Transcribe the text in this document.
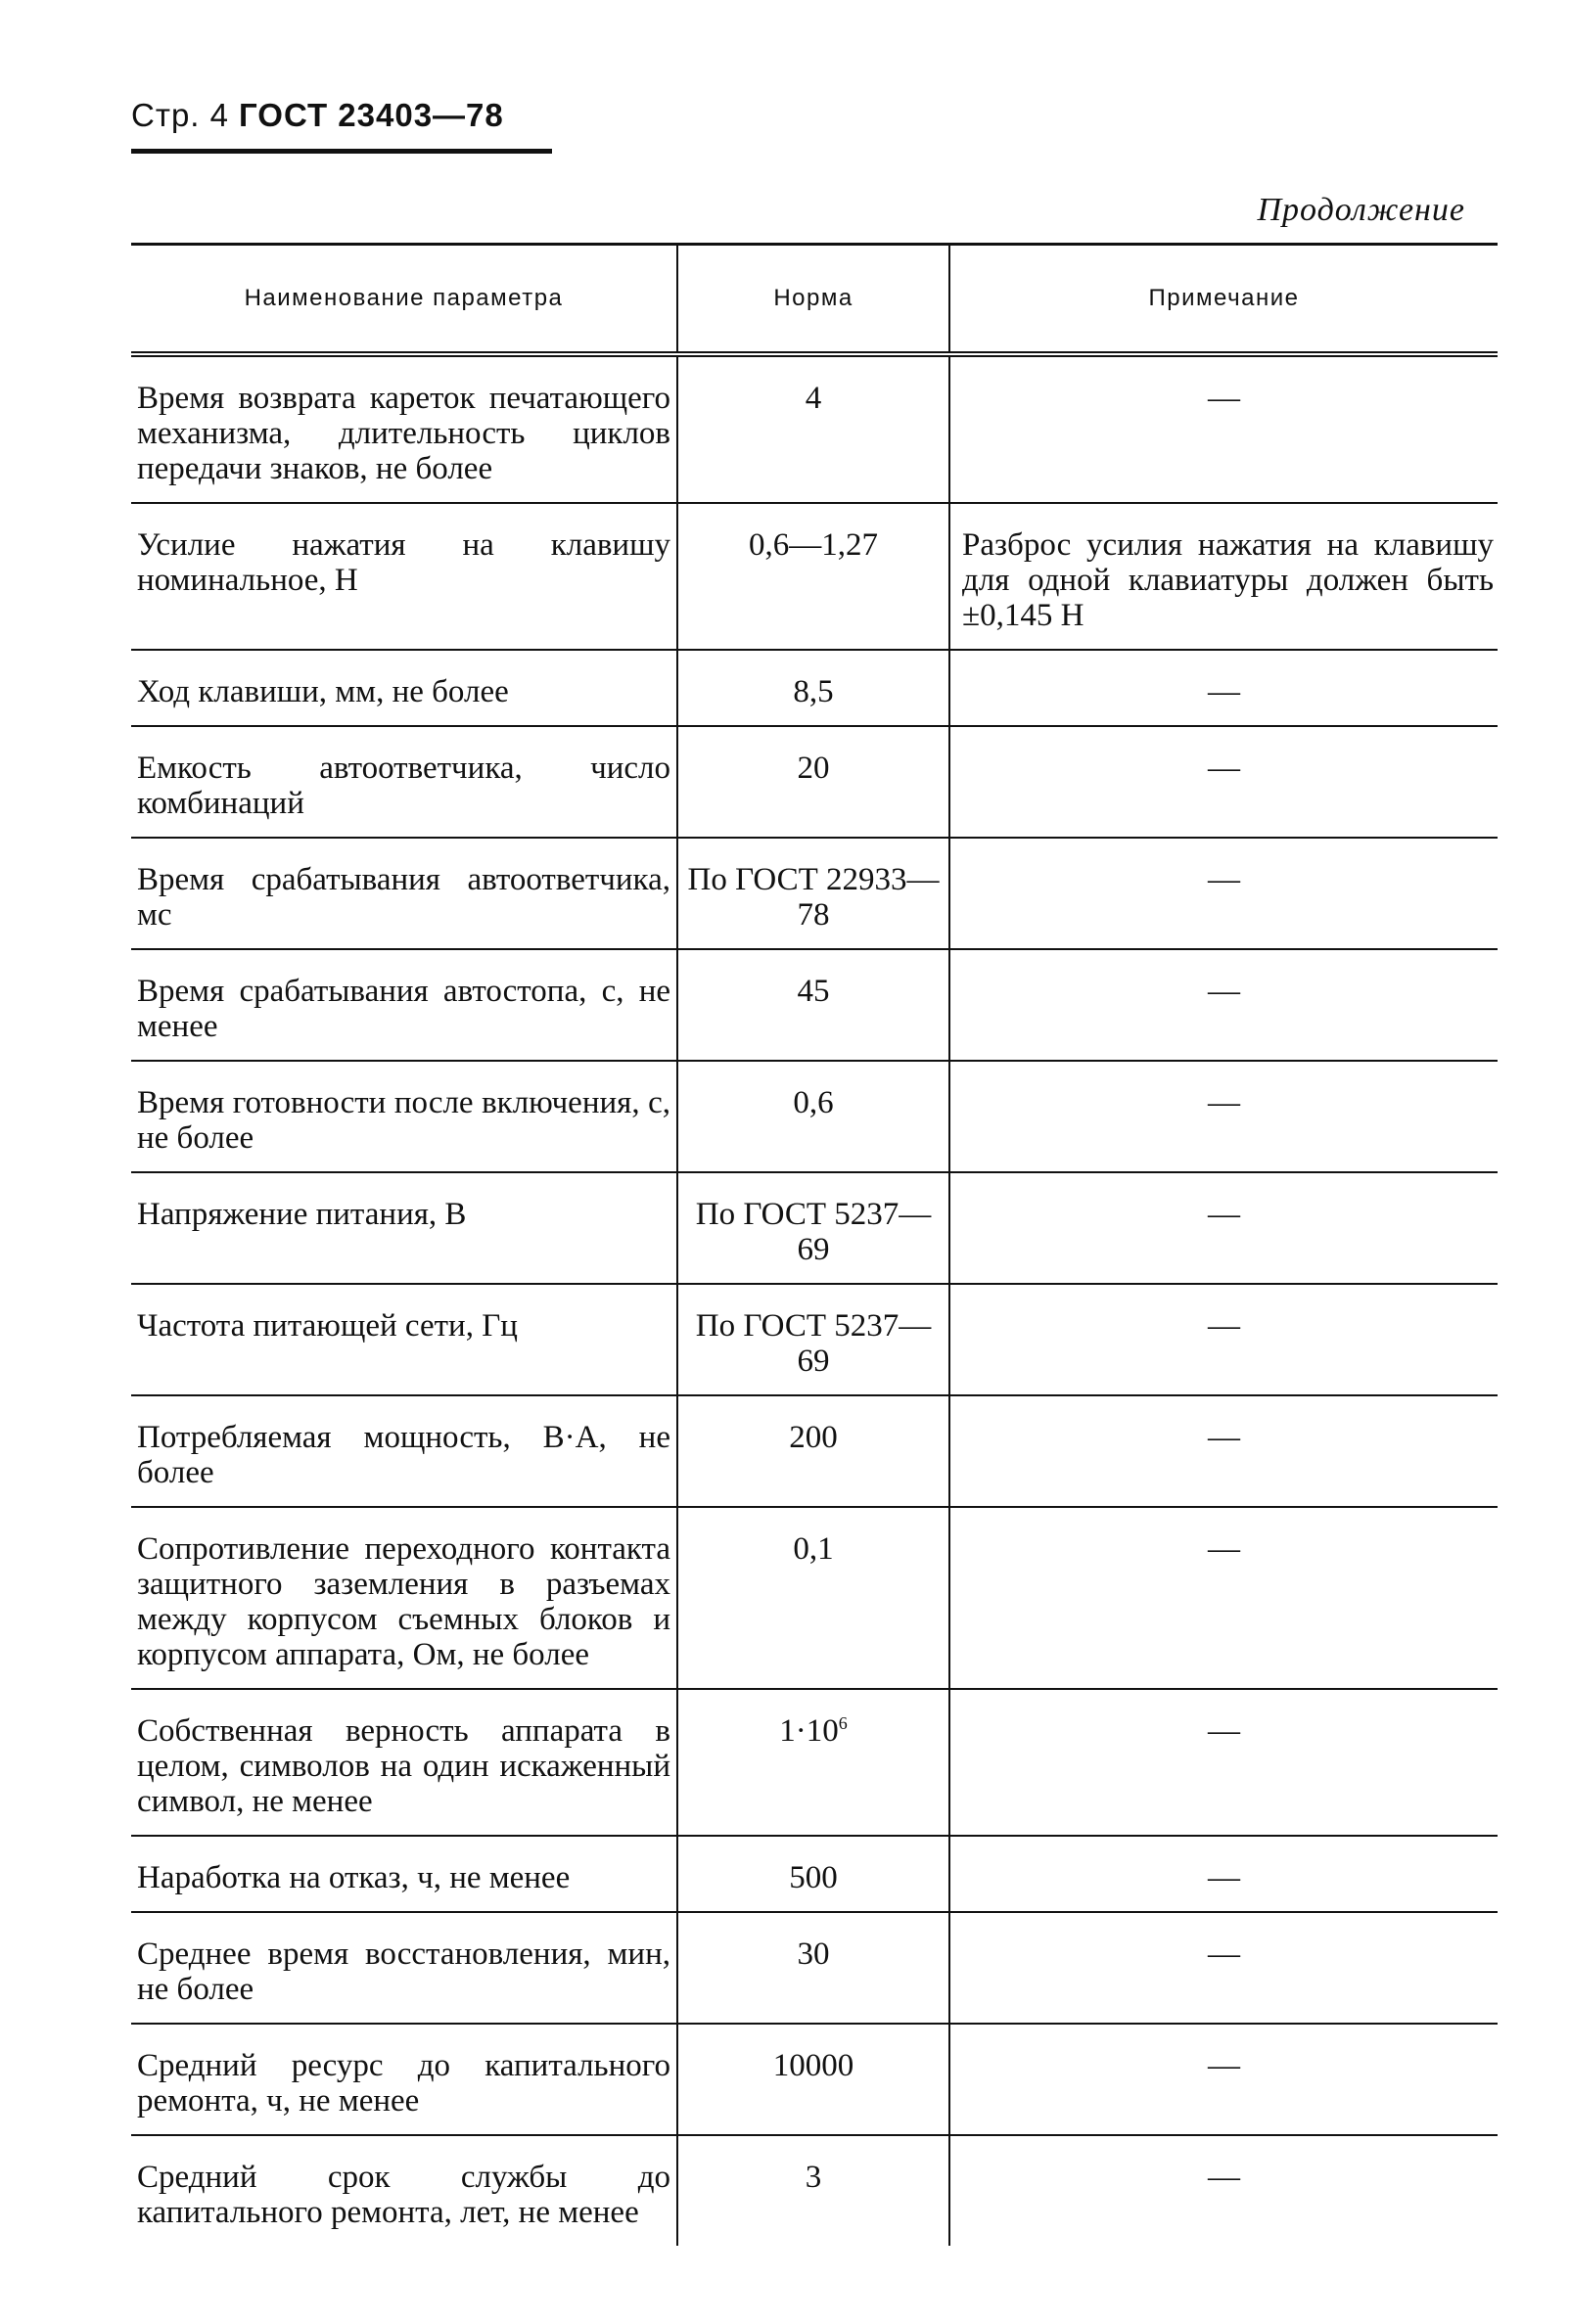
Стр. 4 ГОСТ 23403—78
Продолжение
Наименование параметра	Норма	Примечание
Время возврата кареток печатающего механизма, длительность циклов передачи знаков, не более	4	—
Усилие нажатия на клавишу номинальное, Н	0,6—1,27	Разброс усилия нажатия на клавишу для одной клавиатуры должен быть ±0,145 Н
Ход клавиши, мм, не более	8,5	—
Емкость автоответчика, число комбинаций	20	—
Время срабатывания автоответчика, мс	По ГОСТ 22933—78	—
Время срабатывания автостопа, с, не менее	45	—
Время готовности после включения, с, не более	0,6	—
Напряжение питания, В	По ГОСТ 5237—69	—
Частота питающей сети, Гц	По ГОСТ 5237—69	—
Потребляемая мощность, В·А, не более	200	—
Сопротивление переходного контакта защитного заземления в разъемах между корпусом съемных блоков и корпусом аппарата, Ом, не более	0,1	—
Собственная верность аппарата в целом, символов на один искаженный символ, не менее	$1\cdot 10^6$	—
Наработка на отказ, ч, не менее	500	—
Среднее время восстановления, мин, не более	30	—
Средний ресурс до капитального ремонта, ч, не менее	10000	—
Средний срок службы до капитального ремонта, лет, не менее	3	—
